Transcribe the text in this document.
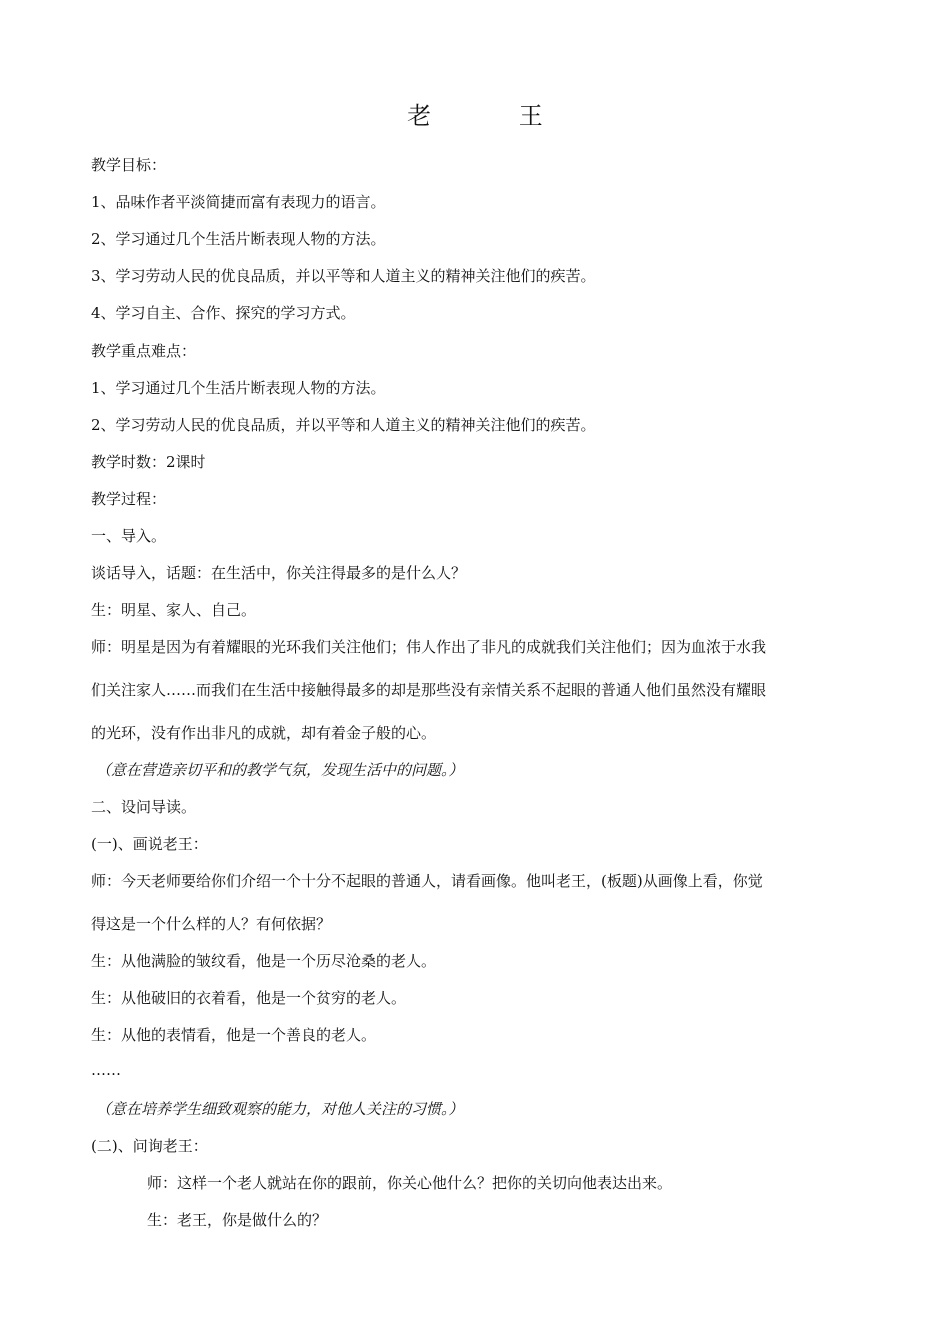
老 王
教学目标：
1、品味作者平淡简捷而富有表现力的语言。
2、学习通过几个生活片断表现人物的方法。
3、学习劳动人民的优良品质，并以平等和人道主义的精神关注他们的疾苦。
4、学习自主、合作、探究的学习方式。
教学重点难点：
1、学习通过几个生活片断表现人物的方法。
2、学习劳动人民的优良品质，并以平等和人道主义的精神关注他们的疾苦。
教学时数：2课时
教学过程：
一、导入。
谈话导入，话题：在生活中，你关注得最多的是什么人？
生：明星、家人、自己。
师：明星是因为有着耀眼的光环我们关注他们；伟人作出了非凡的成就我们关注他们；因为血浓于水我
们关注家人……而我们在生活中接触得最多的却是那些没有亲情关系不起眼的普通人他们虽然没有耀眼
的光环，没有作出非凡的成就，却有着金子般的心。
（意在营造亲切平和的教学气氛，发现生活中的问题。）
二、设问导读。
(一)、画说老王：
师：今天老师要给你们介绍一个十分不起眼的普通人，请看画像。他叫老王，(板题)从画像上看，你觉
得这是一个什么样的人？有何依据？
生：从他满脸的皱纹看，他是一个历尽沧桑的老人。
生：从他破旧的衣着看，他是一个贫穷的老人。
生：从他的表情看，他是一个善良的老人。
……
（意在培养学生细致观察的能力，对他人关注的习惯。）
(二)、问询老王：
师：这样一个老人就站在你的跟前，你关心他什么？把你的关切向他表达出来。
生：老王，你是做什么的？
